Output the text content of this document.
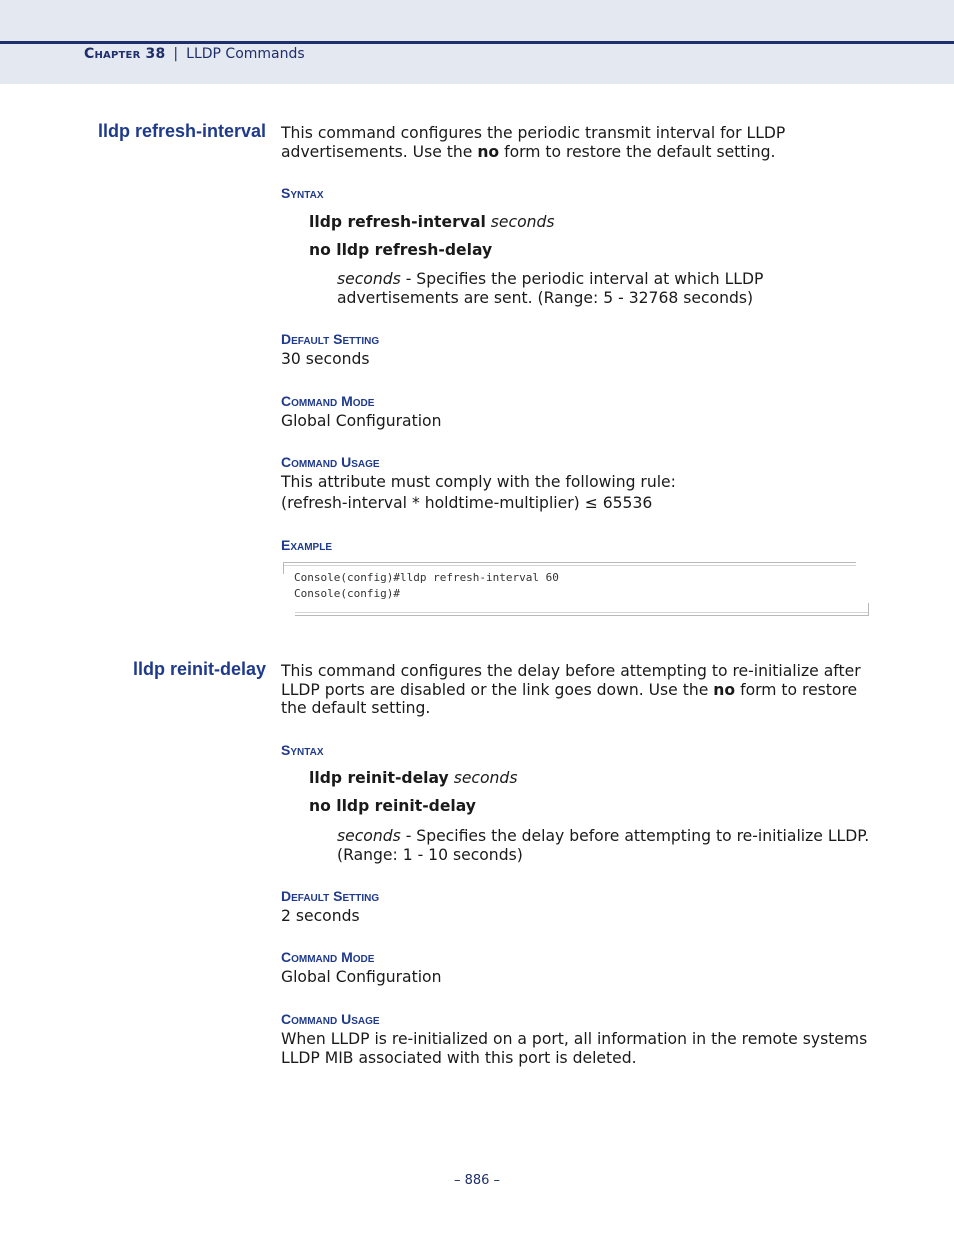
Chapter 38 | LLDP Commands
lldp refresh-interval This command configures the periodic transmit interval for LLDP advertisements. Use the no form to restore the default setting.
Syntax
lldp refresh-interval seconds
no lldp refresh-delay
seconds - Specifies the periodic interval at which LLDP advertisements are sent. (Range: 5 - 32768 seconds)
Default Setting
30 seconds
Command Mode
Global Configuration
Command Usage
This attribute must comply with the following rule:
(refresh-interval * holdtime-multiplier) ≤ 65536
Example
Console(config)#lldp refresh-interval 60
Console(config)#
lldp reinit-delay This command configures the delay before attempting to re-initialize after LLDP ports are disabled or the link goes down. Use the no form to restore the default setting.
Syntax
lldp reinit-delay seconds
no lldp reinit-delay
seconds - Specifies the delay before attempting to re-initialize LLDP. (Range: 1 - 10 seconds)
Default Setting
2 seconds
Command Mode
Global Configuration
Command Usage
When LLDP is re-initialized on a port, all information in the remote systems LLDP MIB associated with this port is deleted.
– 886 –
